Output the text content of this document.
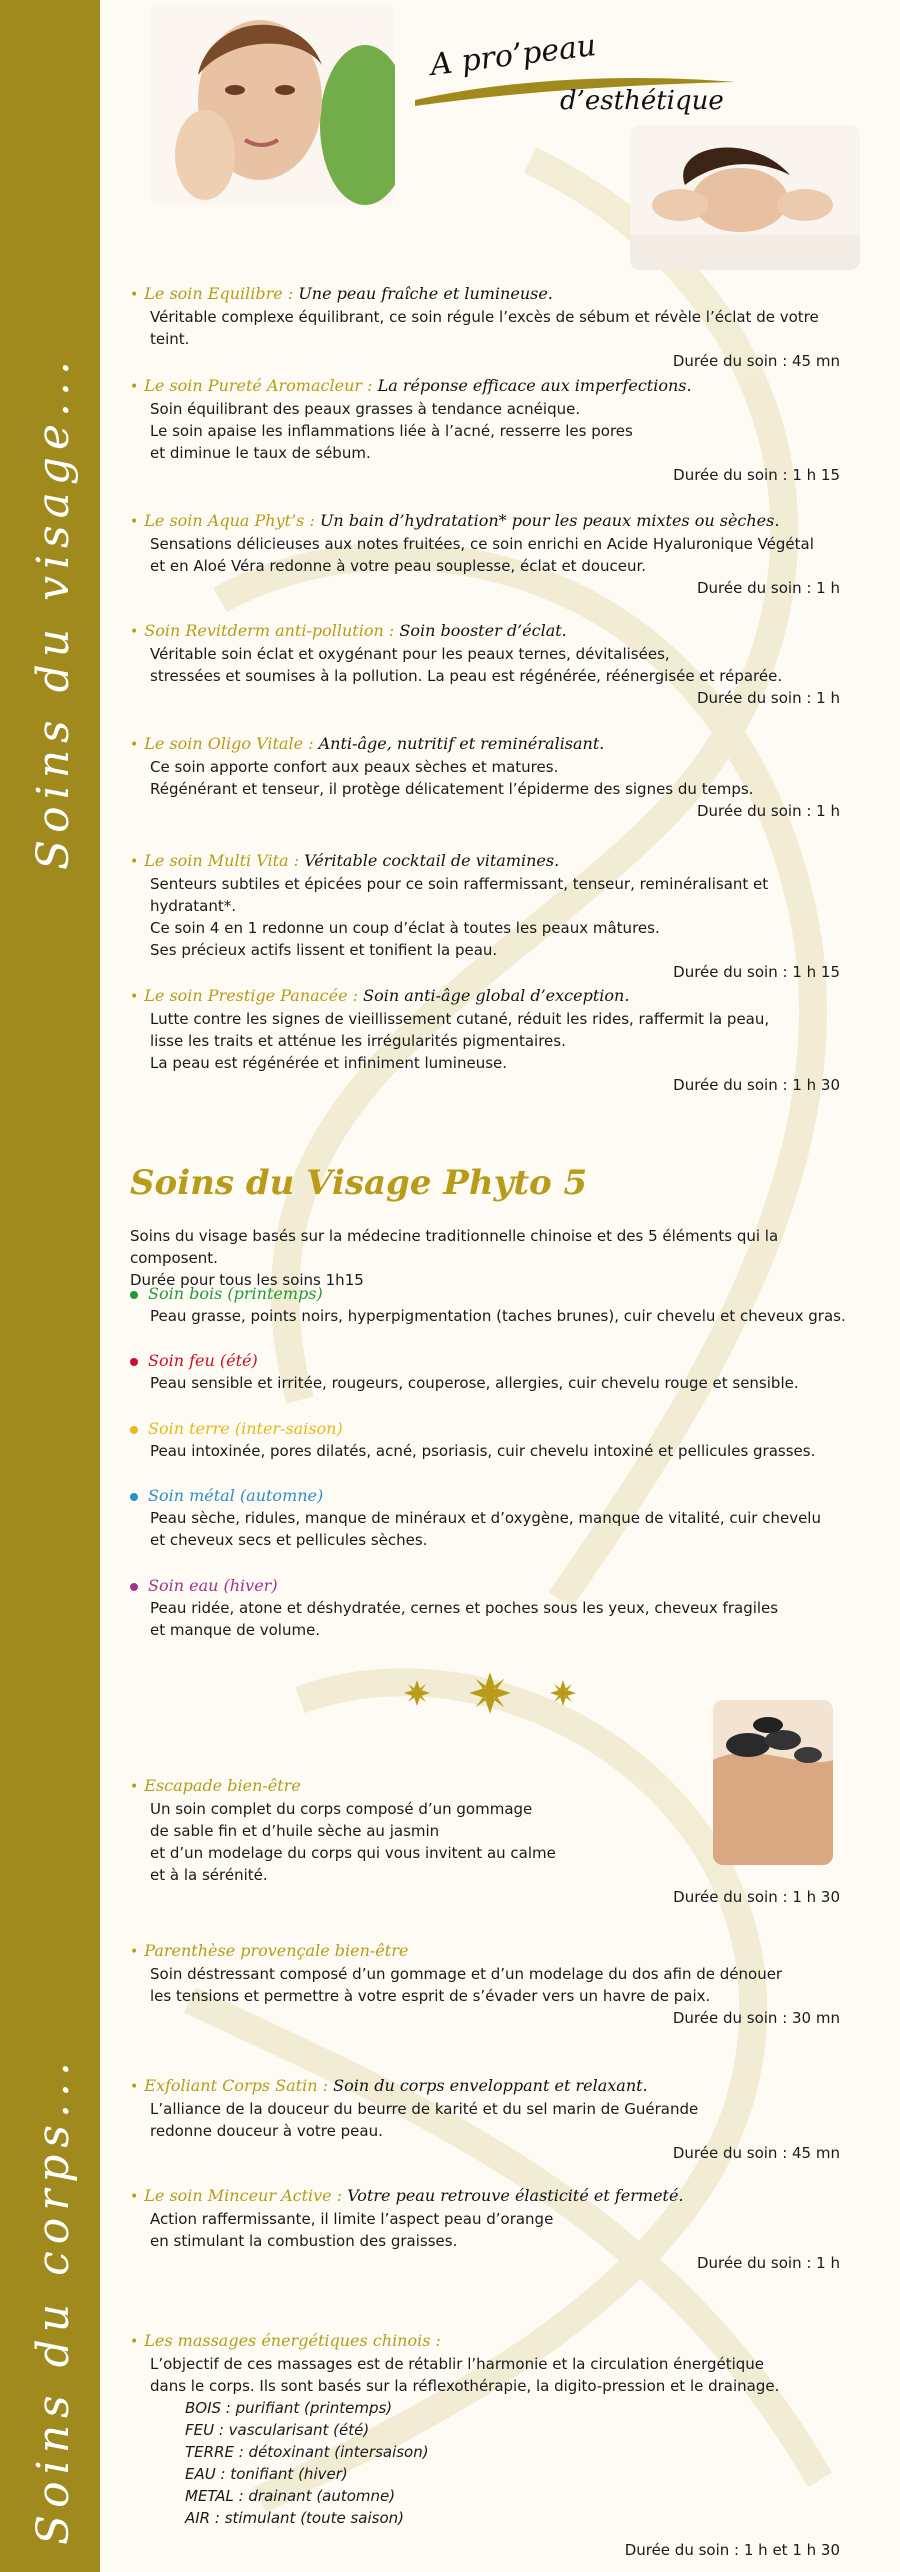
Soins du visage...
Soins du corps...
A pro’peau
d’esthétique
• Le soin Equilibre : Une peau fraîche et lumineuse.
Véritable complexe équilibrant, ce soin régule l’excès de sébum et révèle l’éclat de votre teint.
Durée du soin : 45 mn
• Le soin Pureté Aromacleur : La réponse efficace aux imperfections.
Soin équilibrant des peaux grasses à tendance acnéique.
Le soin apaise les inflammations liée à l’acné, resserre les pores
et diminue le taux de sébum.
Durée du soin : 1 h 15
• Le soin Aqua Phyt’s : Un bain d’hydratation* pour les peaux mixtes ou sèches.
Sensations délicieuses aux notes fruitées, ce soin enrichi en Acide Hyaluronique Végétal
et en Aloé Véra redonne à votre peau souplesse, éclat et douceur.
Durée du soin : 1 h
• Soin Revitderm anti-pollution : Soin booster d’éclat.
Véritable soin éclat et oxygénant pour les peaux ternes, dévitalisées,
stressées et soumises à la pollution. La peau est régénérée, réénergisée et réparée.
Durée du soin : 1 h
• Le soin Oligo Vitale : Anti-âge, nutritif et reminéralisant.
Ce soin apporte confort aux peaux sèches et matures.
Régénérant et tenseur, il protège délicatement l’épiderme des signes du temps.
Durée du soin : 1 h
• Le soin Multi Vita : Véritable cocktail de vitamines.
Senteurs subtiles et épicées pour ce soin raffermissant, tenseur, reminéralisant et hydratant*.
Ce soin 4 en 1 redonne un coup d’éclat à toutes les peaux mâtures.
Ses précieux actifs lissent et tonifient la peau.
Durée du soin : 1 h 15
• Le soin Prestige Panacée : Soin anti-âge global d’exception.
Lutte contre les signes de vieillissement cutané, réduit les rides, raffermit la peau,
lisse les traits et atténue les irrégularités pigmentaires.
La peau est régénérée et infiniment lumineuse.
Durée du soin : 1 h 30
Soins du Visage Phyto 5
Soins du visage basés sur la médecine traditionnelle chinoise et des 5 éléments qui la composent.
Durée pour tous les soins 1h15
Soin bois (printemps)
Peau grasse, points noirs, hyperpigmentation (taches brunes), cuir chevelu et cheveux gras.
Soin feu (été)
Peau sensible et irritée, rougeurs, couperose, allergies, cuir chevelu rouge et sensible.
Soin terre (inter-saison)
Peau intoxinée, pores dilatés, acné, psoriasis, cuir chevelu intoxiné et pellicules grasses.
Soin métal (automne)
Peau sèche, ridules, manque de minéraux et d’oxygène, manque de vitalité, cuir chevelu
et cheveux secs et pellicules sèches.
Soin eau (hiver)
Peau ridée, atone et déshydratée, cernes et poches sous les yeux, cheveux fragiles
et manque de volume.
• Escapade bien-être
Un soin complet du corps composé d’un gommage
de sable fin et d’huile sèche au jasmin
et d’un modelage du corps qui vous invitent au calme
et à la sérénité.
Durée du soin : 1 h 30
• Parenthèse provençale bien-être
Soin déstressant composé d’un gommage et d’un modelage du dos afin de dénouer
les tensions et permettre à votre esprit de s’évader vers un havre de paix.
Durée du soin : 30 mn
• Exfoliant Corps Satin : Soin du corps enveloppant et relaxant.
L’alliance de la douceur du beurre de karité et du sel marin de Guérande
redonne douceur à votre peau.
Durée du soin : 45 mn
• Le soin Minceur Active : Votre peau retrouve élasticité et fermeté.
Action raffermissante, il limite l’aspect peau d’orange
en stimulant la combustion des graisses.
Durée du soin : 1 h
• Les massages énergétiques chinois :
L’objectif de ces massages est de rétablir l’harmonie et la circulation énergétique
dans le corps. Ils sont basés sur la réflexothérapie, la digito-pression et le drainage.
BOIS : purifiant (printemps)
FEU : vascularisant (été)
TERRE : détoxinant (intersaison)
EAU : tonifiant (hiver)
METAL : drainant (automne)
AIR : stimulant (toute saison)
Durée du soin : 1 h et 1 h 30
